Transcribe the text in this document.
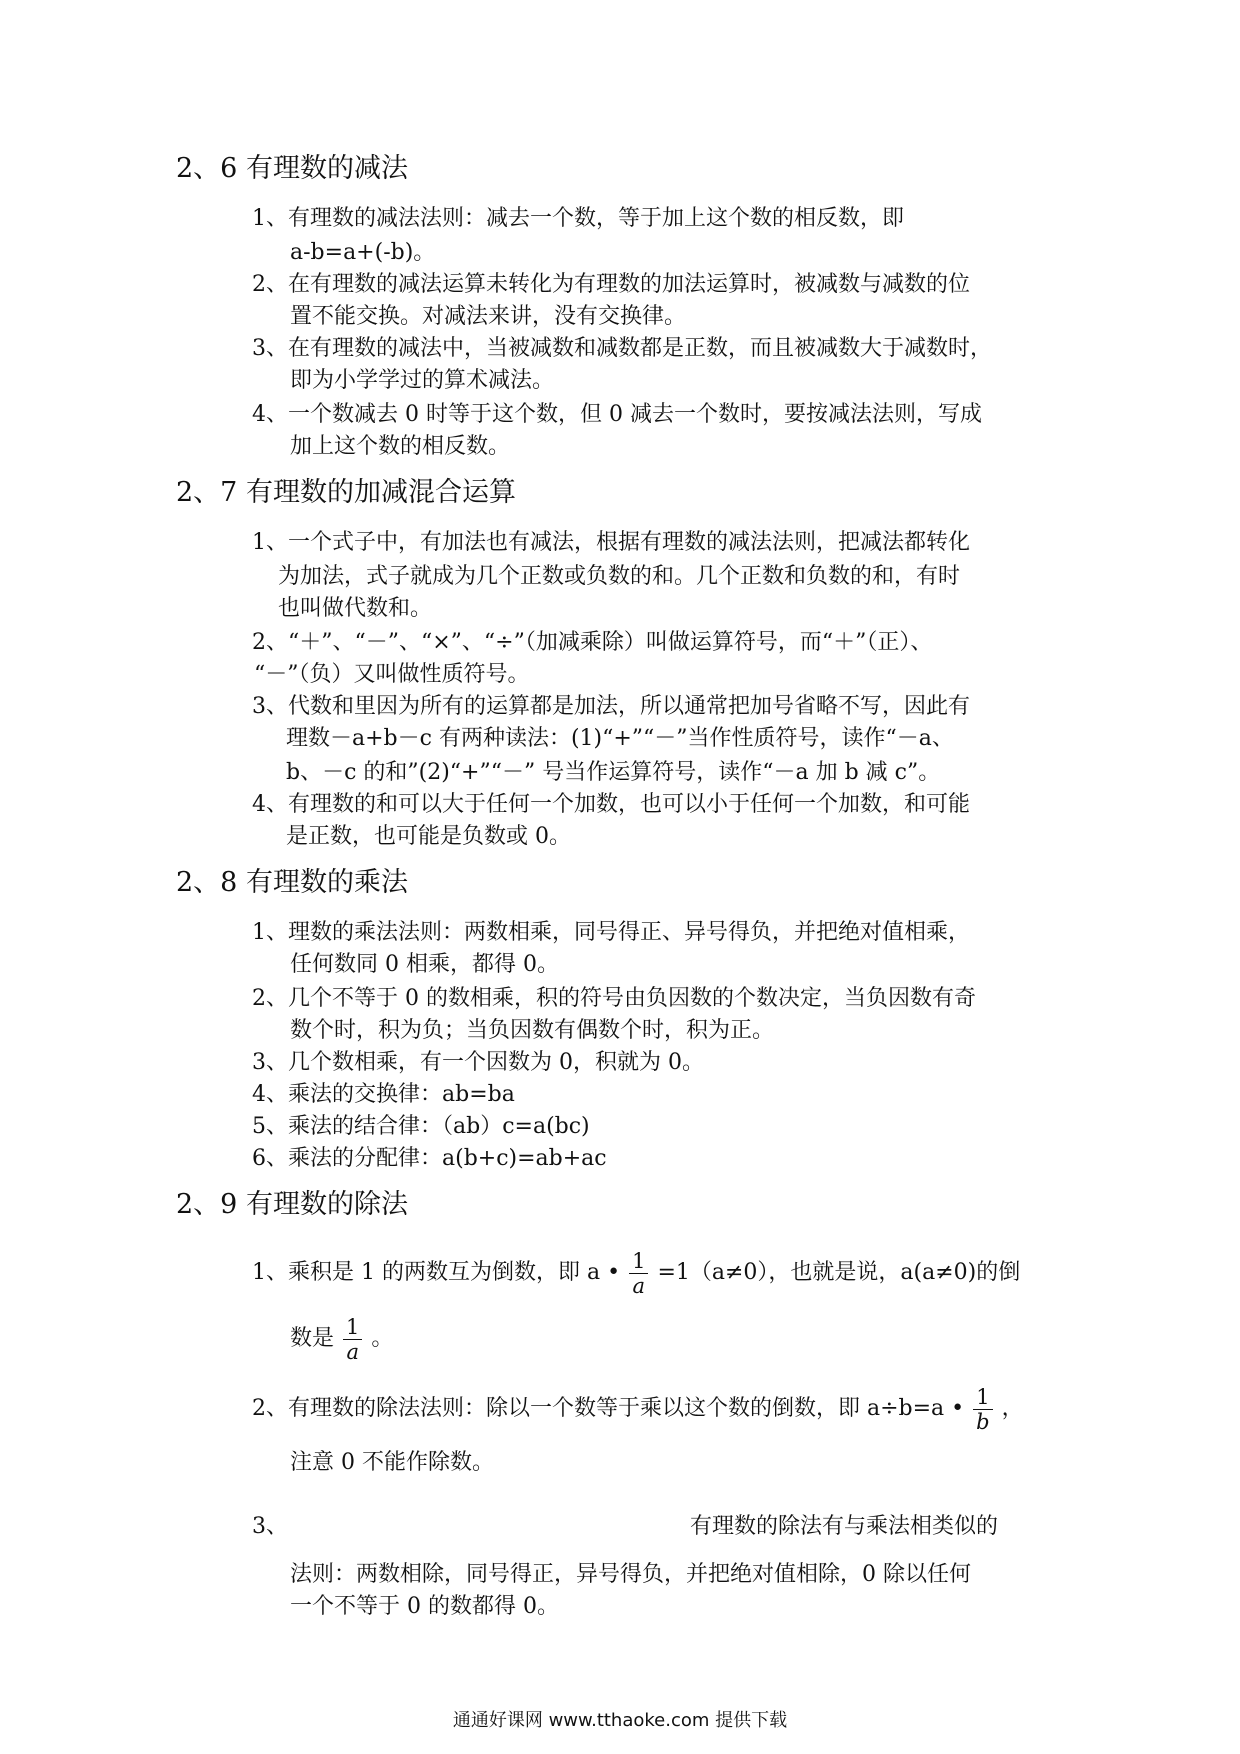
2、6 有理数的减法
1、有理数的减法法则：减去一个数，等于加上这个数的相反数，即
a-b=a+(-b)。
2、在有理数的减法运算未转化为有理数的加法运算时，被减数与减数的位
置不能交换。对减法来讲，没有交换律。
3、在有理数的减法中，当被减数和减数都是正数，而且被减数大于减数时，
即为小学学过的算术减法。
4、一个数减去 0 时等于这个数，但 0 减去一个数时，要按减法法则，写成
加上这个数的相反数。
2、7 有理数的加减混合运算
1、一个式子中，有加法也有减法，根据有理数的减法法则，把减法都转化
为加法，式子就成为几个正数或负数的和。几个正数和负数的和，有时
也叫做代数和。
2、“＋”、“－”、“×”、“÷”（加减乘除）叫做运算符号，而“＋”（正）、
“－”（负）又叫做性质符号。
3、代数和里因为所有的运算都是加法，所以通常把加号省略不写，因此有
理数－a+b－c 有两种读法：(1)“+”“－”当作性质符号，读作“－a、
b、－c 的和”(2)“+”“－” 号当作运算符号，读作“－a 加 b 减 c”。
4、有理数的和可以大于任何一个加数，也可以小于任何一个加数，和可能
是正数，也可能是负数或 0。
2、8 有理数的乘法
1、理数的乘法法则：两数相乘，同号得正、异号得负，并把绝对值相乘，
任何数同 0 相乘，都得 0。
2、几个不等于 0 的数相乘，积的符号由负因数的个数决定，当负因数有奇
数个时，积为负；当负因数有偶数个时，积为正。
3、几个数相乘，有一个因数为 0，积就为 0。
4、乘法的交换律：ab=ba
5、乘法的结合律：（ab）c=a(bc)
6、乘法的分配律：a(b+c)=ab+ac
2、9 有理数的除法
1、乘积是 1 的两数互为倒数，即 a • $\frac{1}{a} =1(a\ne 0)$，也就是说，a(a≠0)的倒
数是 $\frac{1}{a}$ 。
2、有理数的除法法则：除以一个数等于乘以这个数的倒数，即 a÷b=a • $\frac{1}{b}$ ，
注意 0 不能作除数。
3、	有理数的除法有与乘法相类似的
法则：两数相除，同号得正，异号得负，并把绝对值相除，0 除以任何
一个不等于 0 的数都得 0。
通通好课网 www.tthaoke.com 提供下载
